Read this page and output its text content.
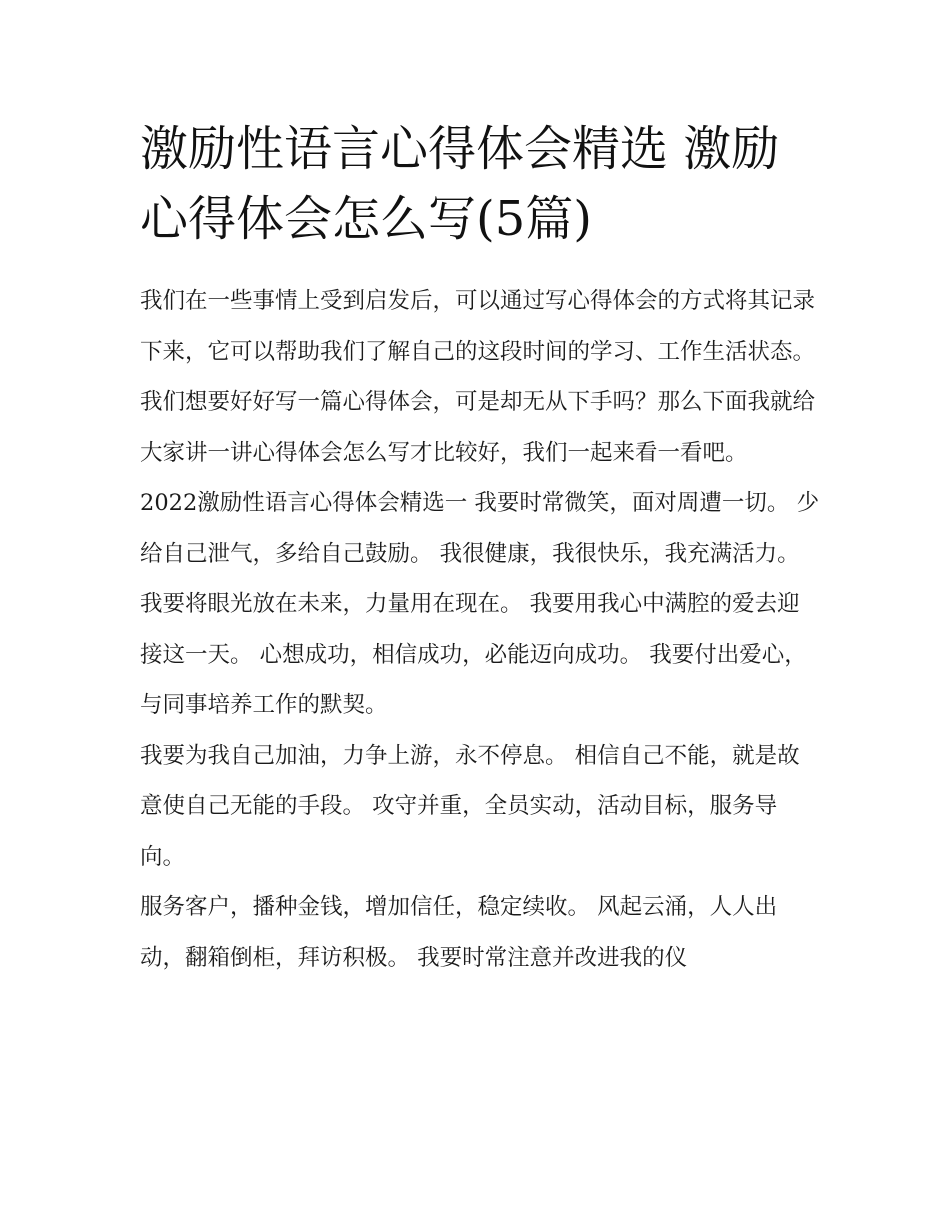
激励性语言心得体会精选 激励心得体会怎么写(5篇)

我们在一些事情上受到启发后，可以通过写心得体会的方式将其记录下来，它可以帮助我们了解自己的这段时间的学习、工作生活状态。我们想要好好写一篇心得体会，可是却无从下手吗？那么下面我就给大家讲一讲心得体会怎么写才比较好，我们一起来看一看吧。

2022激励性语言心得体会精选一 我要时常微笑，面对周遭一切。 少给自己泄气，多给自己鼓励。 我很健康，我很快乐，我充满活力。

我要将眼光放在未来，力量用在现在。 我要用我心中满腔的爱去迎接这一天。 心想成功，相信成功，必能迈向成功。 我要付出爱心，与同事培养工作的默契。

我要为我自己加油，力争上游，永不停息。 相信自己不能，就是故意使自己无能的手段。 攻守并重，全员实动，活动目标，服务导向。

服务客户，播种金钱，增加信任，稳定续收。 风起云涌，人人出动，翻箱倒柜，拜访积极。 我要时常注意并改进我的仪
